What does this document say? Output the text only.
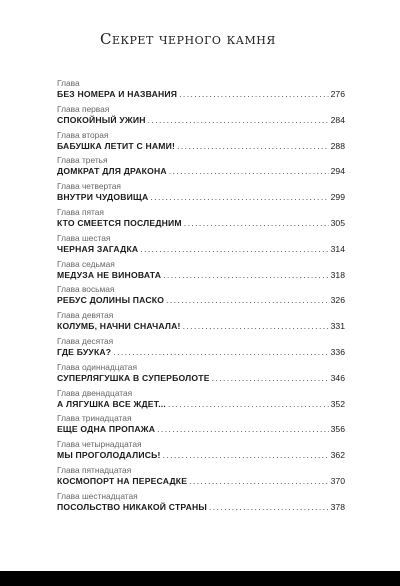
Секрет черного камня
Глава
БЕЗ НОМЕРА И НАЗВАНИЯ .....	276
Глава первая
СПОКОЙНЫЙ УЖИН .....	284
Глава вторая
БАБУШКА ЛЕТИТ С НАМИ! .....	288
Глава третья
ДОМКРАТ ДЛЯ ДРАКОНА .....	294
Глава четвертая
ВНУТРИ ЧУДОВИЩА .....	299
Глава пятая
КТО СМЕЕТСЯ ПОСЛЕДНИМ .....	305
Глава шестая
ЧЕРНАЯ ЗАГАДКА .....	314
Глава седьмая
МЕДУЗА НЕ ВИНОВАТА .....	318
Глава восьмая
РЕБУС ДОЛИНЫ ПАСКО .....	326
Глава девятая
КОЛУМБ, НАЧНИ СНАЧАЛА! .....	331
Глава десятая
ГДЕ БУУКА? .....	336
Глава одиннадцатая
СУПЕРЛЯГУШКА В СУПЕРБОЛОТЕ .....	346
Глава двенадцатая
А ЛЯГУШКА ВСЕ ЖДЕТ... .....	352
Глава тринадцатая
ЕЩЕ ОДНА ПРОПАЖА .....	356
Глава четырнадцатая
МЫ ПРОГОЛОДАЛИСЬ! .....	362
Глава пятнадцатая
КОСМОПОРТ НА ПЕРЕСАДКЕ .....	370
Глава шестнадцатая
ПОСОЛЬСТВО НИКАКОЙ СТРАНЫ .....	378
